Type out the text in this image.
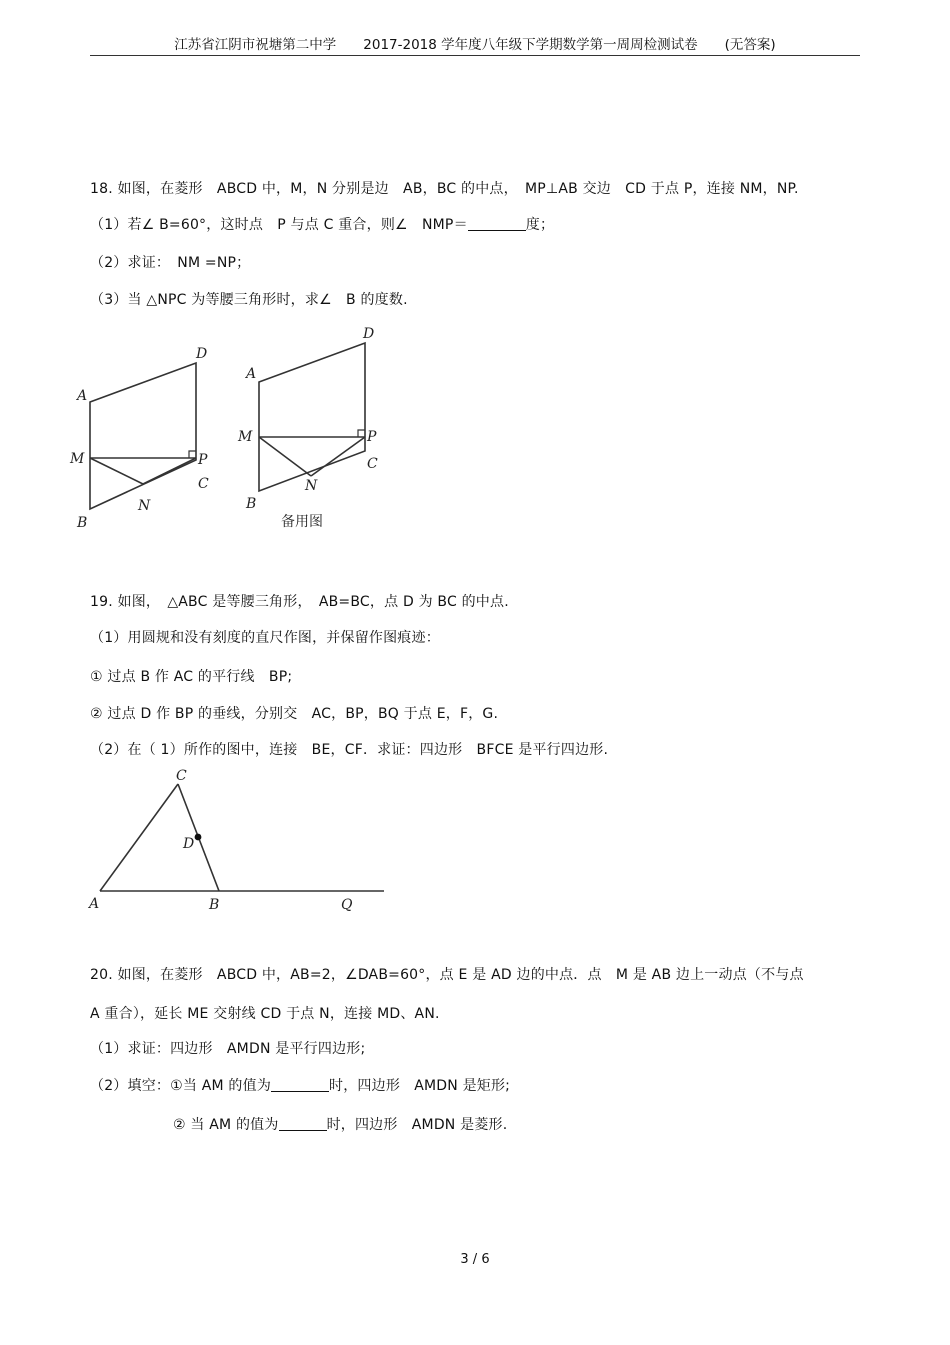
江苏省江阴市祝塘第二中学　　2017-2018 学年度八年级下学期数学第一周周检测试卷　　(无答案)
18. 如图，在菱形　ABCD 中，M，N 分别是边　AB，BC 的中点，　MP⊥AB 交边　CD 于点 P，连接 NM，NP.
（1）若∠ B=60°，这时点　P 与点 C 重合，则∠　NMP＝	度；
（2）求证：　NM =NP；
（3）当 △NPC 为等腰三角形时，求∠　B 的度数.
A
D
M	P
C
N
B
A
D
M	P
C
N
B
备用图
19. 如图，　△ABC 是等腰三角形，　AB=BC，点 D 为 BC 的中点.
（1）用圆规和没有刻度的直尺作图，并保留作图痕迹：
① 过点 B 作 AC 的平行线　BP;
② 过点 D 作 BP 的垂线，分别交　AC，BP，BQ 于点 E，F，G.
（2）在（ 1）所作的图中，连接　BE，CF．求证：四边形　BFCE 是平行四边形.
C
D
A	B	Q
20. 如图，在菱形　ABCD 中，AB=2，∠DAB=60°，点 E 是 AD 边的中点．点　M 是 AB 边上一动点（不与点
A 重合），延长 ME 交射线 CD 于点 N，连接 MD、AN.
（1）求证：四边形　AMDN 是平行四边形;
（2）填空：①当 AM 的值为	时，四边形　AMDN 是矩形;
② 当 AM 的值为	时，四边形　AMDN 是菱形.
3 / 6
